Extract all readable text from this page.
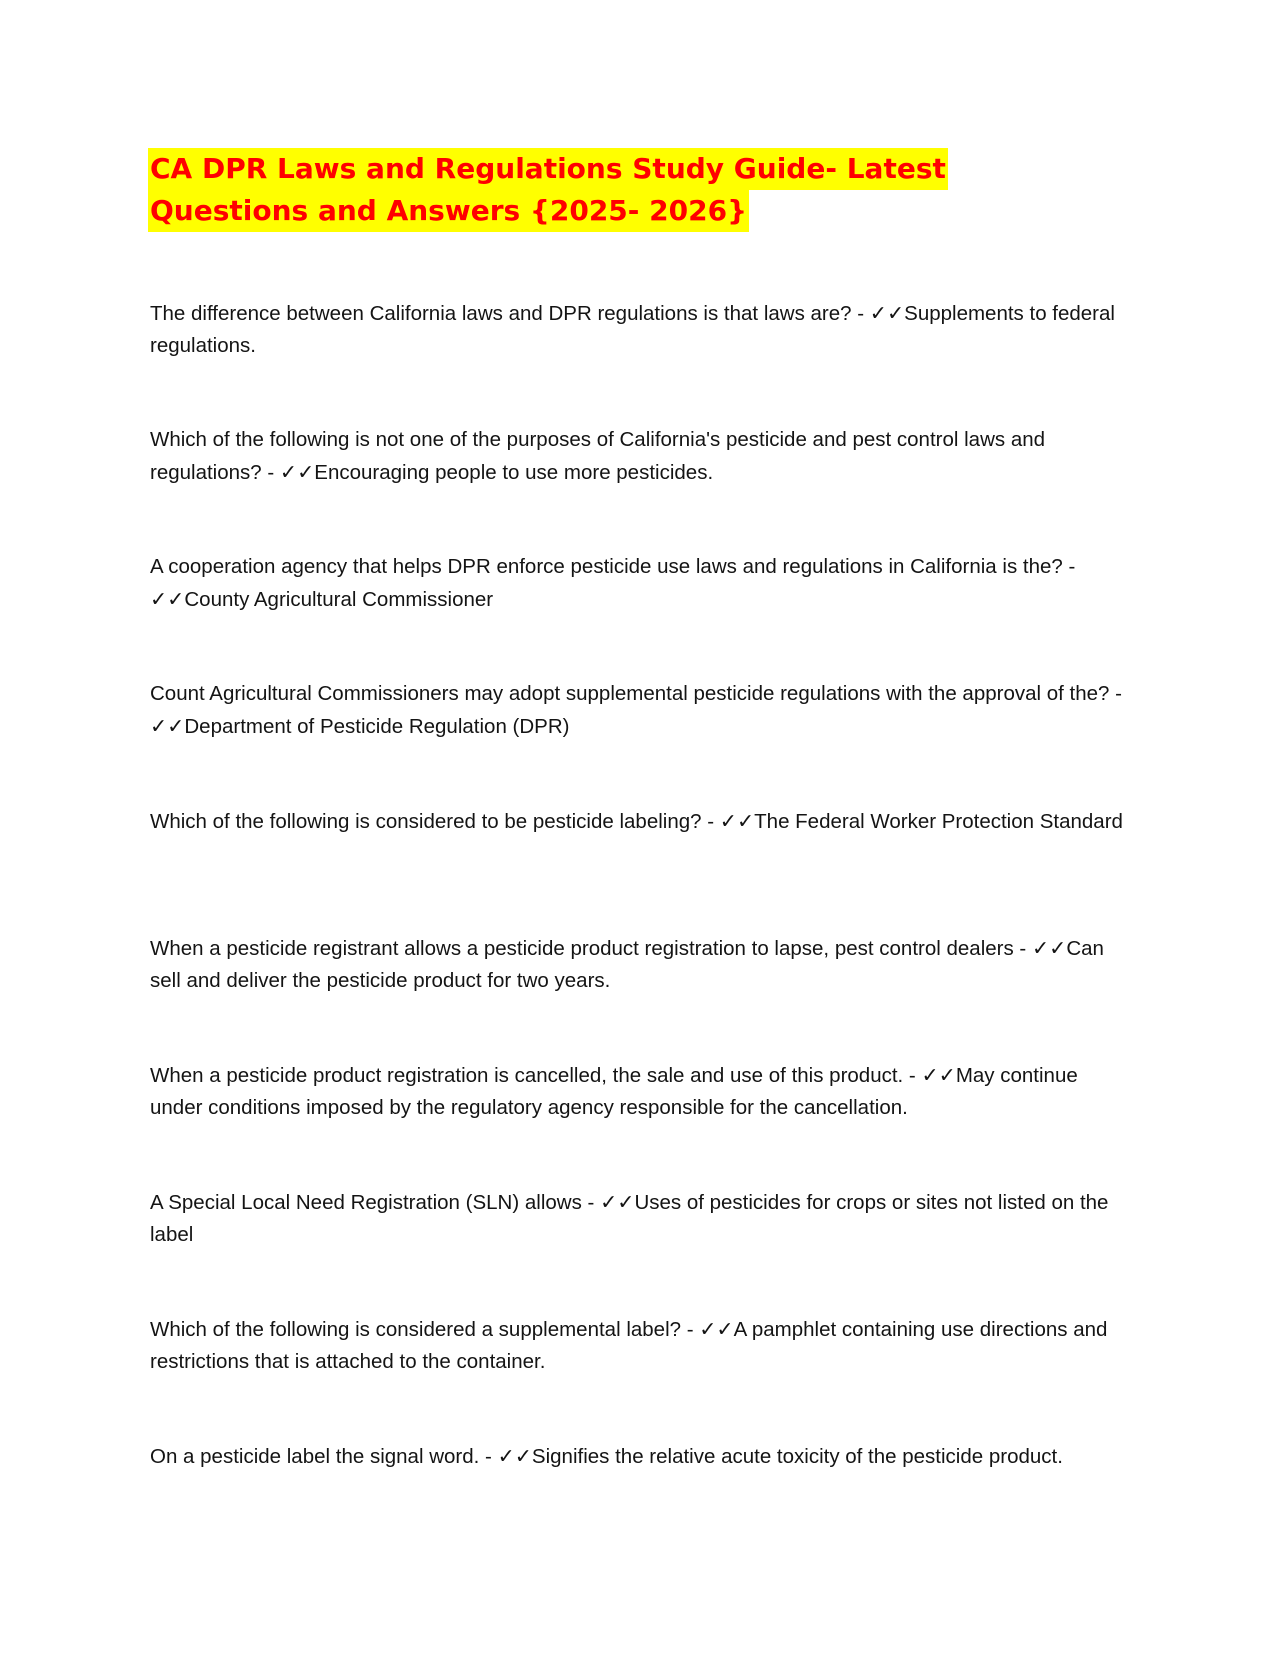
CA DPR Laws and Regulations Study Guide- Latest
Questions and Answers {2025- 2026}
The difference between California laws and DPR regulations is that laws are? - ✓✓Supplements to federal regulations.
Which of the following is not one of the purposes of California's pesticide and pest control laws and regulations? - ✓✓Encouraging people to use more pesticides.
A cooperation agency that helps DPR enforce pesticide use laws and regulations in California is the? - ✓✓County Agricultural Commissioner
Count Agricultural Commissioners may adopt supplemental pesticide regulations with the approval of the? - ✓✓Department of Pesticide Regulation (DPR)
Which of the following is considered to be pesticide labeling? - ✓✓The Federal Worker Protection Standard
When a pesticide registrant allows a pesticide product registration to lapse, pest control dealers - ✓✓Can sell and deliver the pesticide product for two years.
When a pesticide product registration is cancelled, the sale and use of this product. - ✓✓May continue under conditions imposed by the regulatory agency responsible for the cancellation.
A Special Local Need Registration (SLN) allows - ✓✓Uses of pesticides for crops or sites not listed on the label
Which of the following is considered a supplemental label? - ✓✓A pamphlet containing use directions and restrictions that is attached to the container.
On a pesticide label the signal word. - ✓✓Signifies the relative acute toxicity of the pesticide product.
